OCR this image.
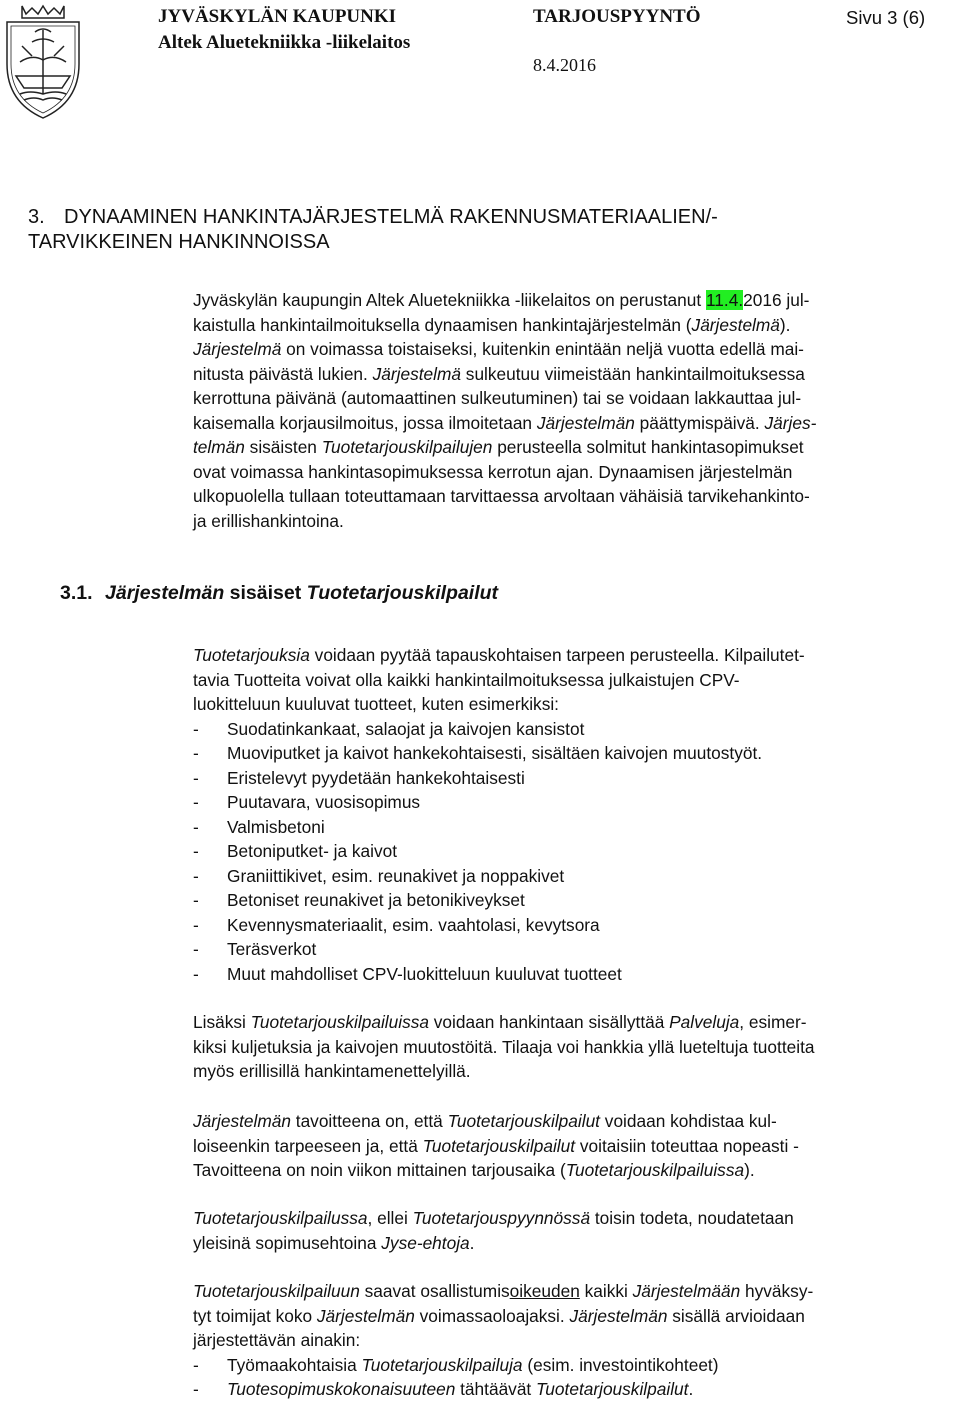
JYVÄSKYLÄN KAUPUNKI
Altek Aluetekniikka -liikelaitos
TARJOUSPYYNTÖ
8.4.2016
Sivu 3 (6)
3. DYNAAMINEN HANKINTAJÄRJESTELMÄ RAKENNUSMATERIAALIEN/-
TARVIKKEINEN HANKINNOISSA

Jyväskylän kaupungin Altek Aluetekniikka -liikelaitos on perustanut 11.4.2016 jul-

kaistulla hankintailmoituksella dynaamisen hankintajärjestelmän (Järjestelmä).

Järjestelmä on voimassa toistaiseksi, kuitenkin enintään neljä vuotta edellä mai-

nitusta päivästä lukien. Järjestelmä sulkeutuu viimeistään hankintailmoituksessa

kerrottuna päivänä (automaattinen sulkeutuminen) tai se voidaan lakkauttaa jul-

kaisemalla korjausilmoitus, jossa ilmoitetaan Järjestelmän päättymispäivä. Järjes-

telmän sisäisten Tuotetarjouskilpailujen perusteella solmitut hankintasopimukset

ovat voimassa hankintasopimuksessa kerrotun ajan. Dynaamisen järjestelmän

ulkopuolella tullaan toteuttamaan tarvittaessa arvoltaan vähäisiä tarvikehankinto-

ja erillishankintoina.

3.1. Järjestelmän sisäiset Tuotetarjouskilpailut

Tuotetarjouksia voidaan pyytää tapauskohtaisen tarpeen perusteella. Kilpailutet-

tavia Tuotteita voivat olla kaikki hankintailmoituksessa julkaistujen CPV-

luokitteluun kuuluvat tuotteet, kuten esimerkiksi:

-	Suodatinkankaat, salaojat ja kaivojen kansistot
-	Muoviputket ja kaivot hankekohtaisesti, sisältäen kaivojen muutostyöt.
-	Eristelevyt pyydetään hankekohtaisesti
-	Puutavara, vuosisopimus
-	Valmisbetoni
-	Betoniputket- ja kaivot
-	Graniittikivet, esim. reunakivet ja noppakivet
-	Betoniset reunakivet ja betonikiveykset
-	Kevennysmateriaalit, esim. vaahtolasi, kevytsora
-	Teräsverkot
-	Muut mahdolliset CPV-luokitteluun kuuluvat tuotteet

Lisäksi Tuotetarjouskilpailuissa voidaan hankintaan sisällyttää Palveluja, esimer-

kiksi kuljetuksia ja kaivojen muutostöitä. Tilaaja voi hankkia yllä lueteltuja tuotteita

myös erillisillä hankintamenettelyillä.

Järjestelmän tavoitteena on, että Tuotetarjouskilpailut voidaan kohdistaa kul-

loiseenkin tarpeeseen ja, että Tuotetarjouskilpailut voitaisiin toteuttaa nopeasti -

Tavoitteena on noin viikon mittainen tarjousaika (Tuotetarjouskilpailuissa).

Tuotetarjouskilpailussa, ellei Tuotetarjouspyynnössä toisin todeta, noudatetaan

yleisinä sopimusehtoina Jyse-ehtoja.

Tuotetarjouskilpailuun saavat osallistumisoikeuden kaikki Järjestelmään hyväksy-

tyt toimijat koko Järjestelmän voimassaoloajaksi. Järjestelmän sisällä arvioidaan

järjestettävän ainakin:

-	Työmaakohtaisia Tuotetarjouskilpailuja (esim. investointikohteet)
-	Tuotesopimuskokonaisuuteen tähtäävät Tuotetarjouskilpailut.
